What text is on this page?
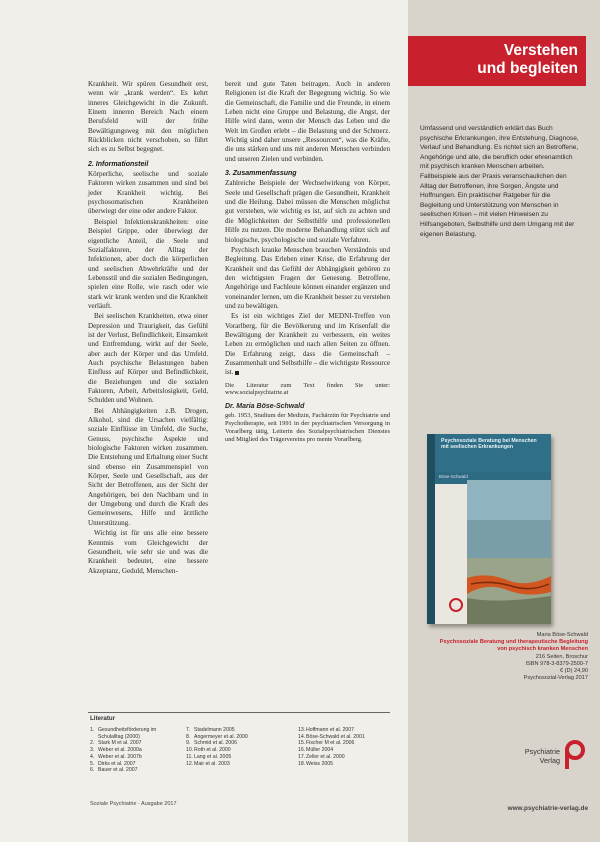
Krankheit. Wir spüren Gesundheit erst, wenn wir „krank werden“. Es kehrt inneres Gleichgewicht in die Zukunft. Einem inneren Bereich Nach einem Berufsfeld will der frühe Bewältigungsweg mit den möglichen Rückblicken nicht verschoben, so führt sich es zu Selbst begegnet.

2. Informationsteil

Körperliche, seelische und soziale Faktoren wirken zusammen und sind bei jeder Krankheit wichtig. Bei psychosomatischen Krankheiten überwiegt der eine oder andere Faktor.

Beispiel Infektionskrankheiten: eine Beispiel Grippe, oder überwiegt der eigentliche Anteil, die Seele und Sozialfaktoren, der Alltag der Infektionen, aber doch die körperlichen und seelischen Abwehrkräfte und der Lebensstil und die sozialen Bedingungen, spielen eine Rolle, wie rasch oder wie stark wir krank werden und die Krankheit verläuft.

Bei seelischen Krankheiten, etwa einer Depression und Traurigkeit, das Gefühl ist der Verlust, Befindlichkeit, Einsamkeit und Entfremdung, wirkt auf der Seele, aber auch der Körper und das Umfeld. Auch psychische Belastungen haben Einfluss auf Körper und Befindlichkeit, die Beziehungen und die sozialen Faktoren, Arbeit, Arbeitslosigkeit, Geld, Schulden und Wohnen.

Bei Abhängigkeiten z.B. Drogen, Alkohol, sind die Ursachen vielfältig: soziale Einflüsse im Umfeld, die Suche, Genuss, psychische Aspekte und biologische Faktoren wirken zusammen. Die Entstehung und Erhaltung einer Sucht sind ebenso ein Zusammenspiel von Körper, Seele und Gesellschaft, aus der Sicht der Betroffenen, aus der Sicht der Angehörigen, bei den Nachbarn und in der Umgebung und durch die Kraft des Gemeinwesens, Hilfe und ärztliche Unterstützung.

Wichtig ist für uns alle eine bessere Kenntnis vom Gleichgewicht der Gesundheit, wie sehr sie und was die Krankheit bedeutet, eine bessere Akzeptanz, Geduld, Menschen-

bereit und gute Taten beitragen. Auch in anderen Religionen ist die Kraft der Begegnung wichtig. So wie die Gemeinschaft, die Familie und die Freunde, in einem Leben nicht eine Gruppe und Belastung, die Angst, der Hilfe wird dann, wenn der Mensch das Leben und die Welt im Großen erlebt – die Belastung und der Schmerz. Wichtig sind daher unsere „Ressourcen“, was die Kräfte, die uns stärken und uns mit anderen Menschen verbinden und unseren Zielen und verbinden.

3. Zusammenfassung

Zahlreiche Beispiele der Wechselwirkung von Körper, Seele und Gesellschaft prägen die Gesundheit, Krankheit und die Heilung. Dabei müssen die Menschen möglichst gut verstehen, wie wichtig es ist, auf sich zu achten und die Möglichkeiten der Selbsthilfe und professionellen Hilfe zu nutzen. Die moderne Behandlung stützt sich auf biologische, psychologische und soziale Verfahren.

Psychisch kranke Menschen brauchen Verständnis und Begleitung. Das Erleben einer Krise, die Erfahrung der Krankheit und das Gefühl der Abhängigkeit gehören zu den wichtigsten Fragen der Genesung. Betroffene, Angehörige und Fachleute können einander ergänzen und voneinander lernen, um die Krankheit besser zu verstehen und zu bewältigen.

Es ist ein wichtiges Ziel der MEDNI-Treffen von Vorarlberg, für die Bevölkerung und im Krisenfall die Bewältigung der Krankheit zu verbessern, ein weites Leben zu ermöglichen und nach allen Seiten zu öffnen. Die Erfahrung zeigt, dass die Gemeinschaft – Zusammenhalt und Selbsthilfe – die wichtigste Ressource ist.

Die Literatur zum Text finden Sie unter: www.sozialpsychiatrie.at

Dr. Maria Böse-Schwald
geb. 1953, Studium der Medizin, Fachärztin für Psychiatrie und Psychotherapie, seit 1991 in der psychiatrischen Versorgung in Vorarlberg tätig, Leiterin des Sozialpsychiatrischen Dienstes und Mitglied des Trägervereins pro mente Vorarlberg.
Literatur
1. Gesundheitsförderung im Schulalltag (2000)
2. Stark M et al. 2007
3. Weber et al. 2000a
4. Weber et al. 2007b
5. Dirks et al. 2007
6. Bauer et al. 2007
7. Stadelmann 2005
8. Angermeyer et al. 2000
9. Schmid et al. 2006
10. Roth et al. 2000
11. Lang et al. 2005
12. Mair et al. 2003
13. Hoffmann et al. 2007
14. Böse-Schwald et al. 2001
15. Fischer M et al. 2006
16. Müller 2004
17. Zeller et al. 2000
18. Weiss 2005
Soziale Psychiatrie · Ausgabe 2017
Verstehen
und begleiten
Umfassend und verständlich erklärt das Buch psychische Erkrankungen, ihre Entstehung, Diagnose, Verlauf und Behandlung. Es richtet sich an Betroffene, Angehörige und alle, die beruflich oder ehrenamtlich mit psychisch kranken Menschen arbeiten. Fallbeispiele aus der Praxis veranschaulichen den Alltag der Betroffenen, ihre Sorgen, Ängste und Hoffnungen. Ein praktischer Ratgeber für die Begleitung und Unterstützung von Menschen in seelischen Krisen – mit vielen Hinweisen zu Hilfsangeboten, Selbsthilfe und dem Umgang mit der eigenen Belastung.
Psychosoziale Beratung bei Menschen mit seelischen Erkrankungen
Böse-Schwald
Maria Böse-Schwald
Psychosoziale Beratung und therapeutische Begleitung von psychisch kranken Menschen
216 Seiten, Broschur
ISBN 978-3-8379-2500-7
€ (D) 24,90
Psychosozial-Verlag 2017
Psychiatrie
Verlag
www.psychiatrie-verlag.de
